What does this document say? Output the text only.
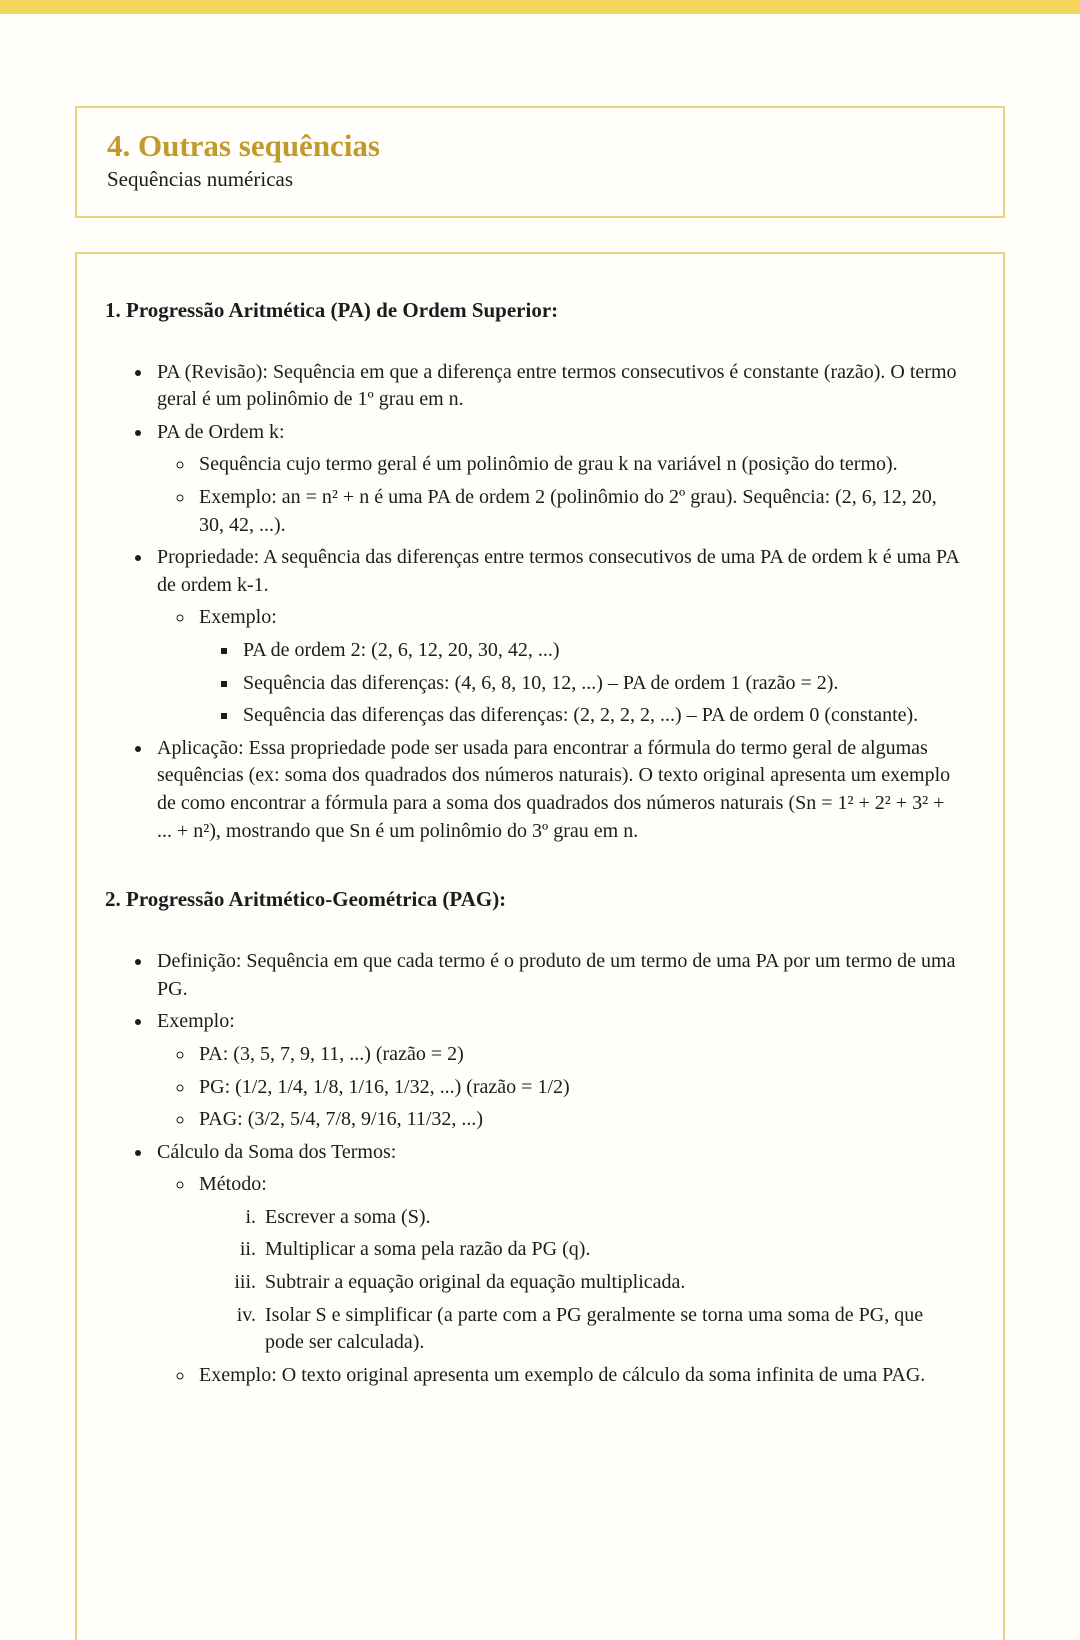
4. Outras sequências
Sequências numéricas
1. Progressão Aritmética (PA) de Ordem Superior:
• PA (Revisão): Sequência em que a diferença entre termos consecutivos é constante (razão). O termo geral é um polinômio de 1º grau em n.
• PA de Ordem k:
◦ Sequência cujo termo geral é um polinômio de grau k na variável n (posição do termo).
◦ Exemplo: an = n² + n é uma PA de ordem 2 (polinômio do 2º grau). Sequência: (2, 6, 12, 20, 30, 42, ...).
• Propriedade: A sequência das diferenças entre termos consecutivos de uma PA de ordem k é uma PA de ordem k-1.
◦ Exemplo:
▪ PA de ordem 2: (2, 6, 12, 20, 30, 42, ...)
▪ Sequência das diferenças: (4, 6, 8, 10, 12, ...) – PA de ordem 1 (razão = 2).
▪ Sequência das diferenças das diferenças: (2, 2, 2, 2, ...) – PA de ordem 0 (constante).
• Aplicação: Essa propriedade pode ser usada para encontrar a fórmula do termo geral de algumas sequências (ex: soma dos quadrados dos números naturais). O texto original apresenta um exemplo de como encontrar a fórmula para a soma dos quadrados dos números naturais (Sn = 1² + 2² + 3² + ... + n²), mostrando que Sn é um polinômio do 3º grau em n.
2. Progressão Aritmético-Geométrica (PAG):
• Definição: Sequência em que cada termo é o produto de um termo de uma PA por um termo de uma PG.
• Exemplo:
◦ PA: (3, 5, 7, 9, 11, ...) (razão = 2)
◦ PG: (1/2, 1/4, 1/8, 1/16, 1/32, ...) (razão = 1/2)
◦ PAG: (3/2, 5/4, 7/8, 9/16, 11/32, ...)
• Cálculo da Soma dos Termos:
◦ Método:
i. Escrever a soma (S).
ii. Multiplicar a soma pela razão da PG (q).
iii. Subtrair a equação original da equação multiplicada.
iv. Isolar S e simplificar (a parte com a PG geralmente se torna uma soma de PG, que pode ser calculada).
◦ Exemplo: O texto original apresenta um exemplo de cálculo da soma infinita de uma PAG.
